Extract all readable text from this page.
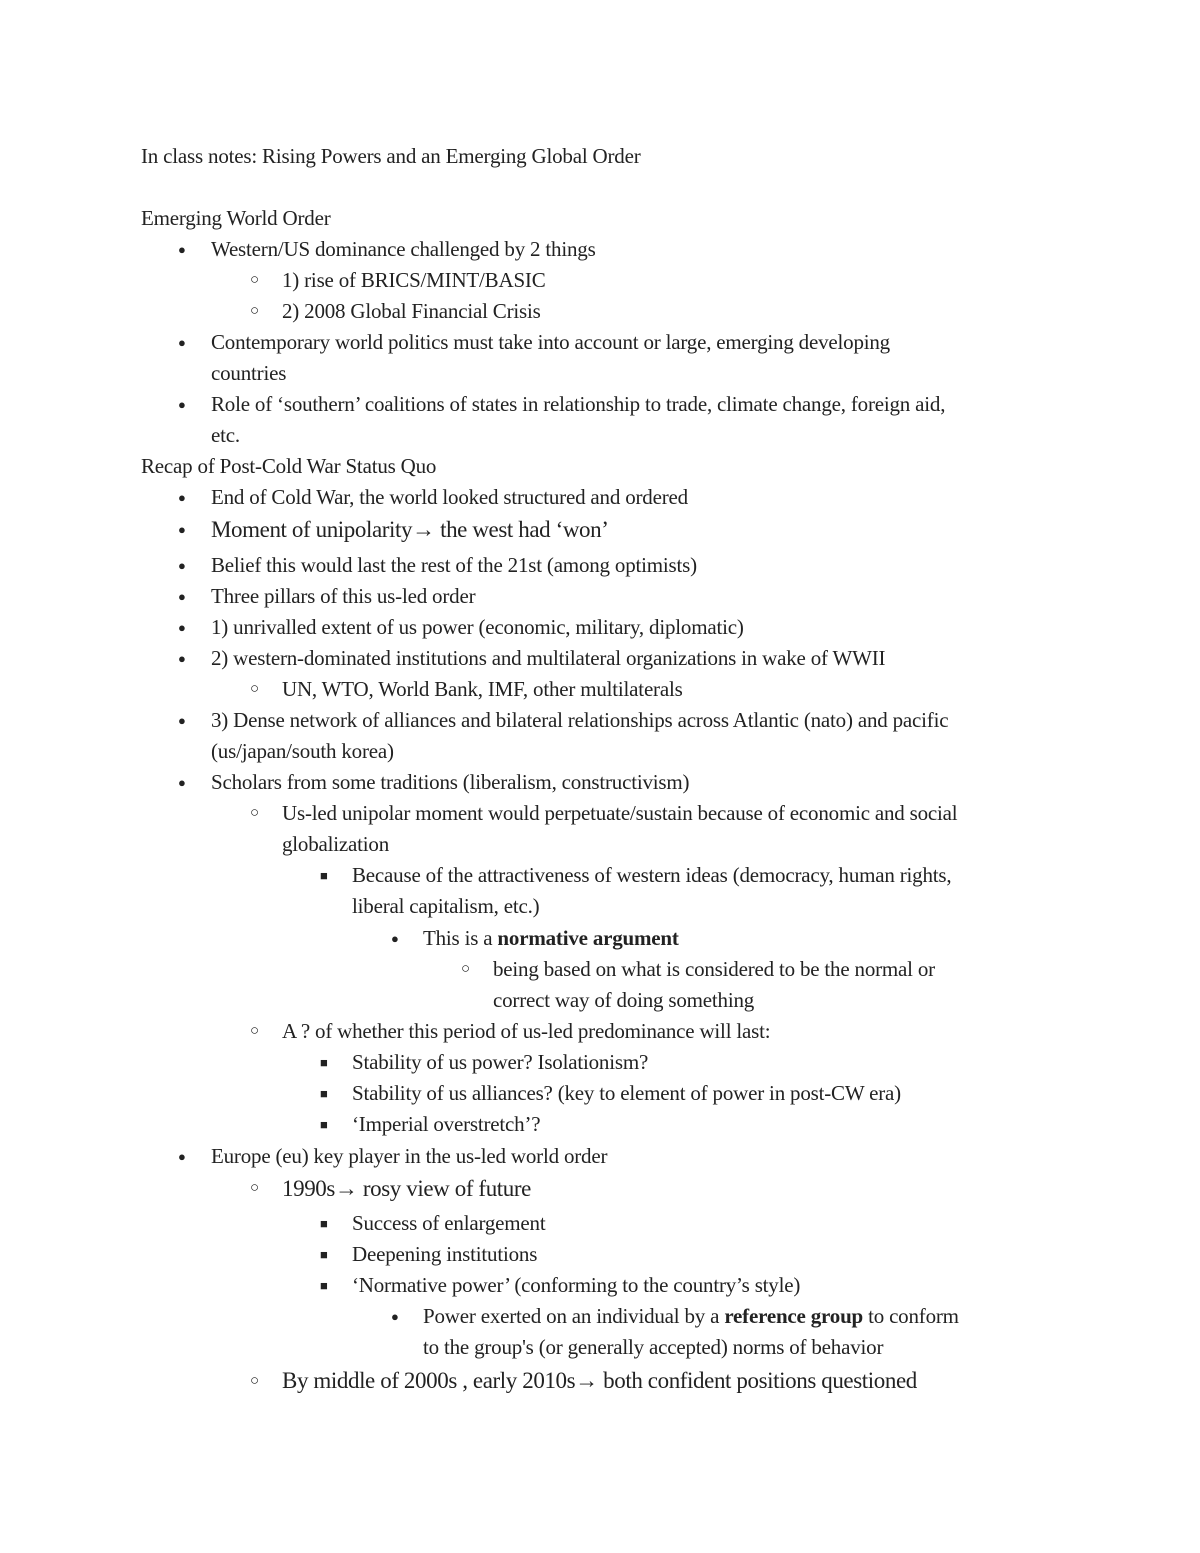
In class notes: Rising Powers and an Emerging Global Order
Emerging World Order
● Western/US dominance challenged by 2 things
○ 1) rise of BRICS/MINT/BASIC
○ 2) 2008 Global Financial Crisis
● Contemporary world politics must take into account or large, emerging developing
countries
● Role of ‘southern’ coalitions of states in relationship to trade, climate change, foreign aid,
etc.
Recap of Post-Cold War Status Quo
● End of Cold War, the world looked structured and ordered
● Moment of unipolarity→ the west had ‘won’
● Belief this would last the rest of the 21st (among optimists)
● Three pillars of this us-led order
● 1) unrivalled extent of us power (economic, military, diplomatic)
● 2) western-dominated institutions and multilateral organizations in wake of WWII
○ UN, WTO, World Bank, IMF, other multilaterals
● 3) Dense network of alliances and bilateral relationships across Atlantic (nato) and pacific
(us/japan/south korea)
● Scholars from some traditions (liberalism, constructivism)
○ Us-led unipolar moment would perpetuate/sustain because of economic and social
globalization
■ Because of the attractiveness of western ideas (democracy, human rights,
liberal capitalism, etc.)
● This is a normative argument
○ being based on what is considered to be the normal or
correct way of doing something
○ A ? of whether this period of us-led predominance will last:
■ Stability of us power? Isolationism?
■ Stability of us alliances? (key to element of power in post-CW era)
■ ‘Imperial overstretch’?
● Europe (eu) key player in the us-led world order
○ 1990s→ rosy view of future
■ Success of enlargement
■ Deepening institutions
■ ‘Normative power’ (conforming to the country’s style)
● Power exerted on an individual by a reference group to conform
to the group's (or generally accepted) norms of behavior
○ By middle of 2000s , early 2010s→ both confident positions questioned
